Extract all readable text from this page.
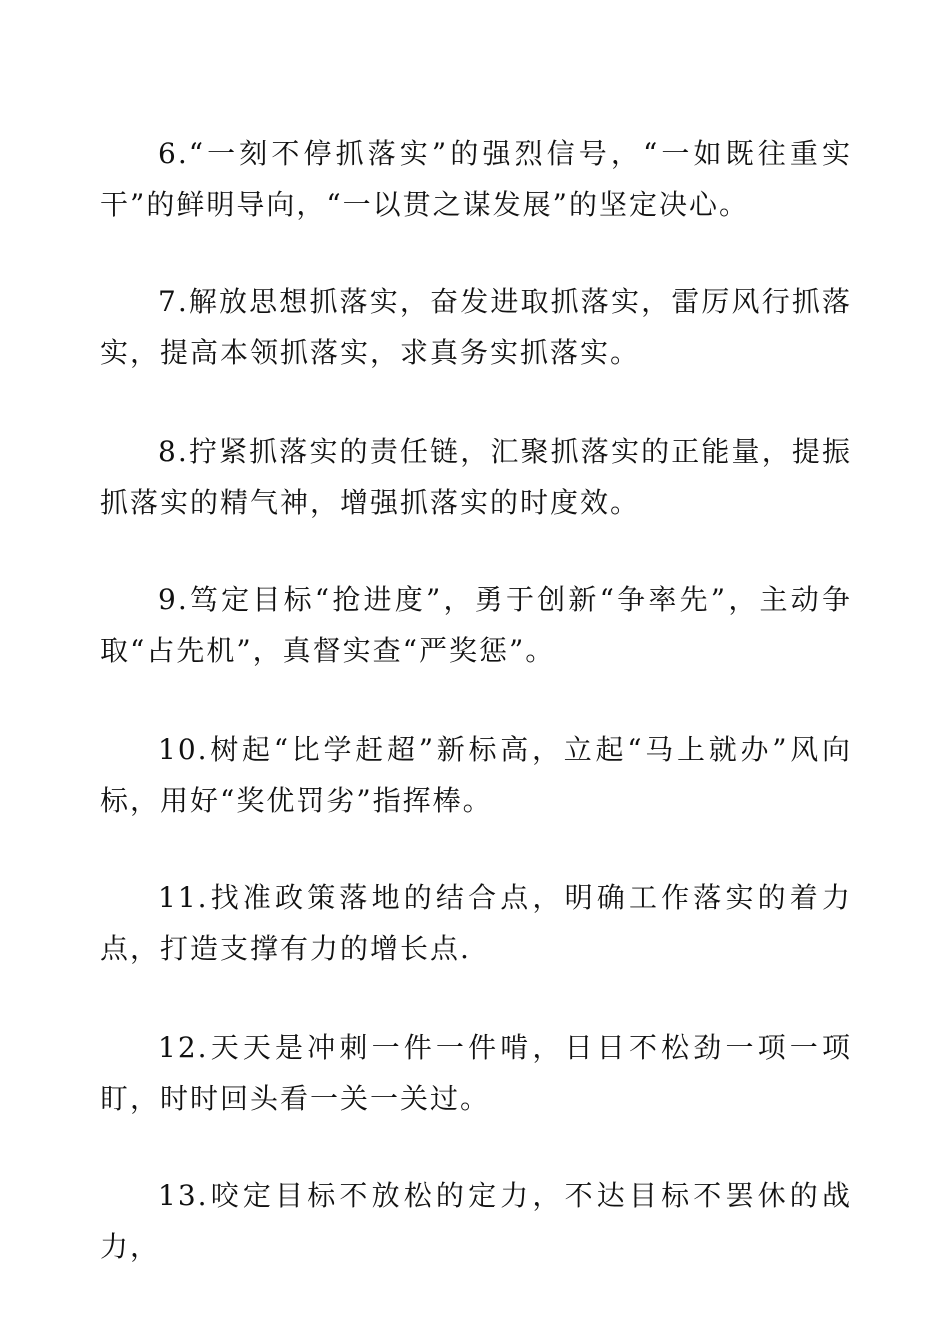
6.“一刻不停抓落实”的强烈信号，“一如既往重实干”的鲜明导向，“一以贯之谋发展”的坚定决心。

7.解放思想抓落实，奋发进取抓落实，雷厉风行抓落实，提高本领抓落实，求真务实抓落实。

8.拧紧抓落实的责任链，汇聚抓落实的正能量，提振抓落实的精气神，增强抓落实的时度效。

9.笃定目标“抢进度”，勇于创新“争率先”，主动争取“占先机”，真督实查“严奖惩”。

10.树起“比学赶超”新标高，立起“马上就办”风向标，用好“奖优罚劣”指挥棒。

11.找准政策落地的结合点，明确工作落实的着力点，打造支撑有力的增长点.

12.天天是冲刺一件一件啃，日日不松劲一项一项盯，时时回头看一关一关过。

13.咬定目标不放松的定力，不达目标不罢休的战力，
